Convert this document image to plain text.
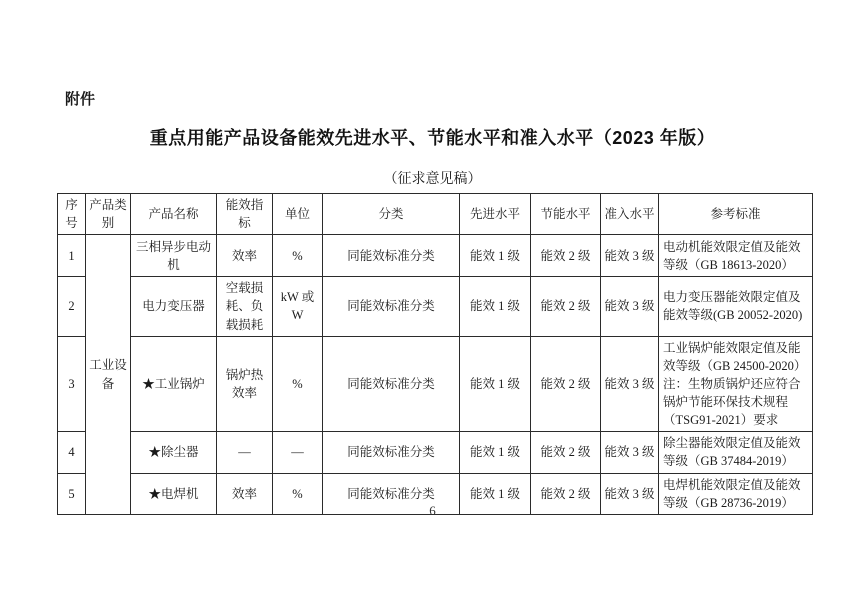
附件
重点用能产品设备能效先进水平、节能水平和准入水平（2023 年版）
（征求意见稿）
序号	产品类别	产品名称	能效指标	单位	分类	先进水平	节能水平	准入水平	参考标准
1	工业设备	三相异步电动机	效率	%	同能效标准分类	能效 1 级	能效 2 级	能效 3 级	电动机能效限定值及能效等级（GB 18613-2020）
2		电力变压器	空载损耗、负载损耗	kW 或 W	同能效标准分类	能效 1 级	能效 2 级	能效 3 级	电力变压器能效限定值及能效等级(GB 20052-2020)
3		★工业锅炉	锅炉热效率	%	同能效标准分类	能效 1 级	能效 2 级	能效 3 级	工业锅炉能效限定值及能效等级（GB 24500-2020）注：生物质锅炉还应符合锅炉节能环保技术规程（TSG91-2021）要求
4		★除尘器	—	—	同能效标准分类	能效 1 级	能效 2 级	能效 3 级	除尘器能效限定值及能效等级（GB 37484-2019）
5		★电焊机	效率	%	同能效标准分类	能效 1 级	能效 2 级	能效 3 级	电焊机能效限定值及能效等级（GB 28736-2019）
6
